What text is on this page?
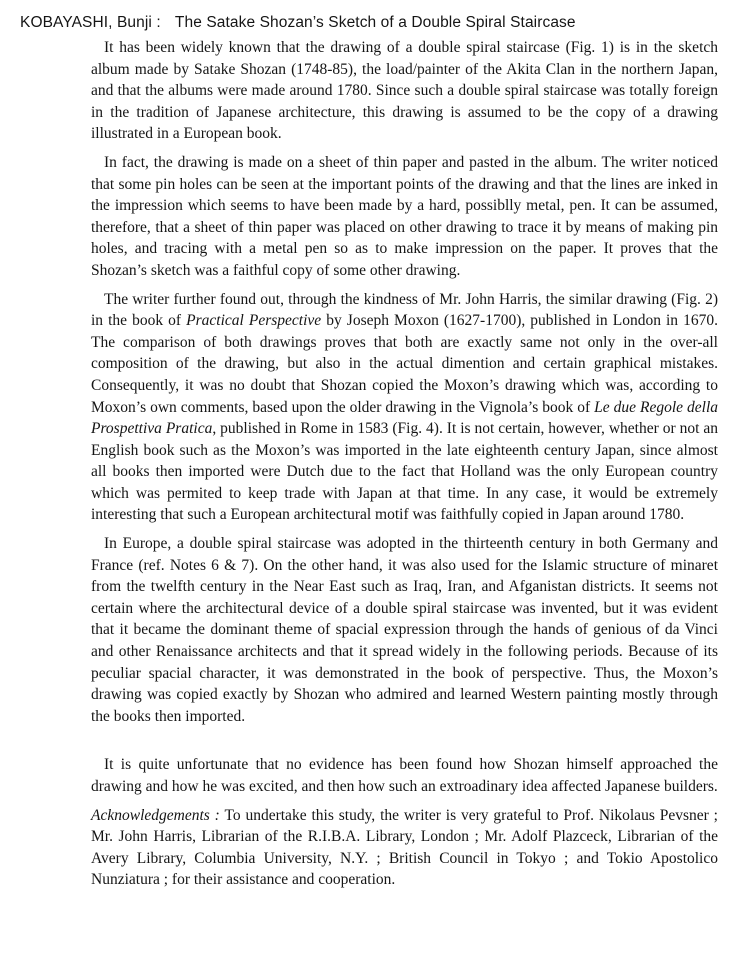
KOBAYASHI, Bunji : The Satake Shozan’s Sketch of a Double Spiral Staircase

It has been widely known that the drawing of a double spiral staircase (Fig. 1) is in the sketch album made by Satake Shozan (1748-85), the load/painter of the Akita Clan in the northern Japan, and that the albums were made around 1780. Since such a double spiral staircase was totally foreign in the tradition of Japanese architecture, this drawing is assumed to be the copy of a drawing illustrated in a European book.

In fact, the drawing is made on a sheet of thin paper and pasted in the album. The writer noticed that some pin holes can be seen at the important points of the drawing and that the lines are inked in the impression which seems to have been made by a hard, possiblly metal, pen. It can be assumed, therefore, that a sheet of thin paper was placed on other drawing to trace it by means of making pin holes, and tracing with a metal pen so as to make impression on the paper. It proves that the Shozan’s sketch was a faithful copy of some other drawing.

The writer further found out, through the kindness of Mr. John Harris, the similar drawing (Fig. 2) in the book of Practical Perspective by Joseph Moxon (1627-1700), published in London in 1670. The comparison of both drawings proves that both are exactly same not only in the over-all composition of the drawing, but also in the actual dimention and certain graphical mistakes. Consequently, it was no doubt that Shozan copied the Moxon’s drawing which was, according to Moxon’s own comments, based upon the older drawing in the Vignola’s book of Le due Regole della Prospettiva Pratica, published in Rome in 1583 (Fig. 4). It is not certain, however, whether or not an English book such as the Moxon’s was imported in the late eighteenth century Japan, since almost all books then imported were Dutch due to the fact that Holland was the only European country which was permited to keep trade with Japan at that time. In any case, it would be extremely interesting that such a European architectural motif was faithfully copied in Japan around 1780.

In Europe, a double spiral staircase was adopted in the thirteenth century in both Germany and France (ref. Notes 6 & 7). On the other hand, it was also used for the Islamic structure of minaret from the twelfth century in the Near East such as Iraq, Iran, and Afganistan districts. It seems not certain where the architectural device of a double spiral staircase was invented, but it was evident that it became the dominant theme of spacial expression through the hands of genious of da Vinci and other Renaissance architects and that it spread widely in the following periods. Because of its peculiar spacial character, it was demonstrated in the book of perspective. Thus, the Moxon’s drawing was copied exactly by Shozan who admired and learned Western painting mostly through the books then imported.

It is quite unfortunate that no evidence has been found how Shozan himself approached the drawing and how he was excited, and then how such an extroadinary idea affected Japanese builders.

Acknowledgements : To undertake this study, the writer is very grateful to Prof. Nikolaus Pevsner ; Mr. John Harris, Librarian of the R.I.B.A. Library, London ; Mr. Adolf Plazceck, Librarian of the Avery Library, Columbia University, N.Y. ; British Council in Tokyo ; and Tokio Apostolico Nunziatura ; for their assistance and cooperation.
